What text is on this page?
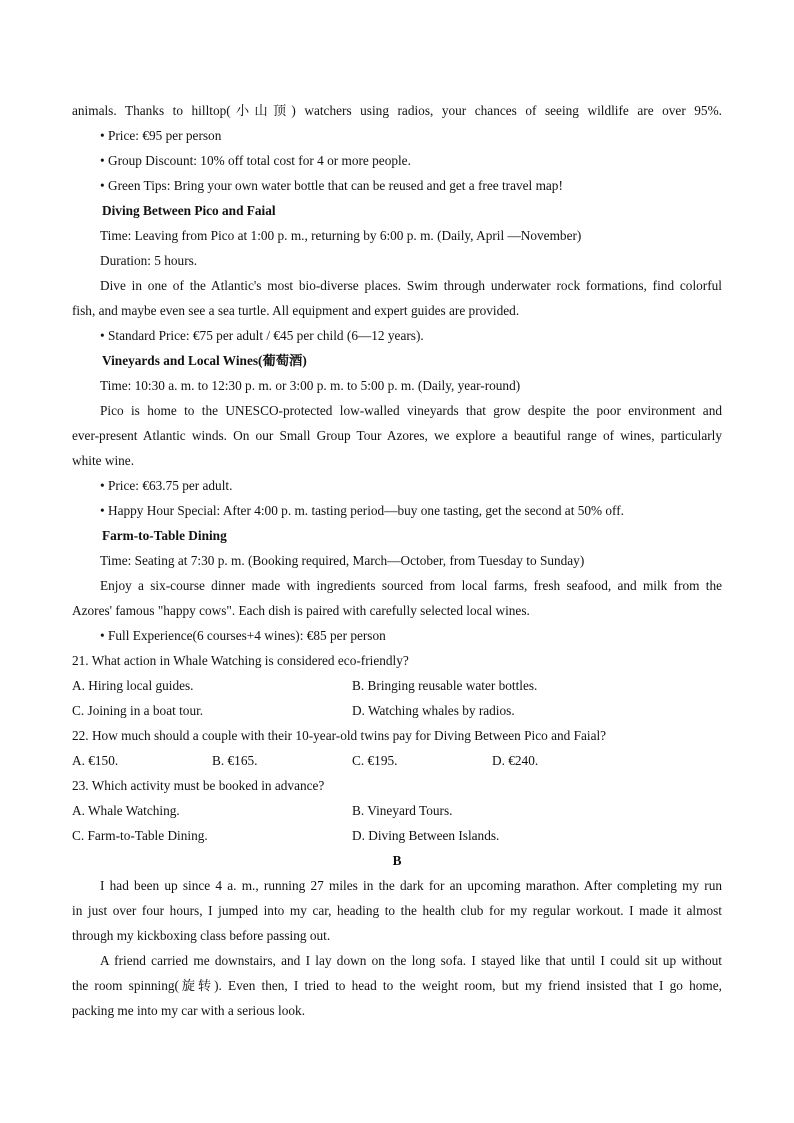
animals. Thanks to hilltop(小山顶) watchers using radios, your chances of seeing wildlife are over 95%.
• Price: €95 per person
• Group Discount: 10% off total cost for 4 or more people.
• Green Tips: Bring your own water bottle that can be reused and get a free travel map!
Diving Between Pico and Faial
Time: Leaving from Pico at 1:00 p. m., returning by 6:00 p. m. (Daily, April —November)
Duration: 5 hours.
Dive in one of the Atlantic's most bio-diverse places. Swim through underwater rock formations, find colorful
fish, and maybe even see a sea turtle. All equipment and expert guides are provided.
• Standard Price: €75 per adult / €45 per child (6—12 years).
Vineyards and Local Wines(葡萄酒)
Time: 10:30 a. m. to 12:30 p. m. or 3:00 p. m. to 5:00 p. m. (Daily, year-round)
Pico is home to the UNESCO-protected low-walled vineyards that grow despite the poor environment and
ever-present Atlantic winds. On our Small Group Tour Azores, we explore a beautiful range of wines, particularly
white wine.
• Price: €63.75 per adult.
• Happy Hour Special: After 4:00 p. m. tasting period—buy one tasting, get the second at 50% off.
Farm-to-Table Dining
Time: Seating at 7:30 p. m. (Booking required, March—October, from Tuesday to Sunday)
Enjoy a six-course dinner made with ingredients sourced from local farms, fresh seafood, and milk from the
Azores' famous "happy cows". Each dish is paired with carefully selected local wines.
• Full Experience(6 courses+4 wines): €85 per person
21. What action in Whale Watching is considered eco-friendly?
A. Hiring local guides.	B. Bringing reusable water bottles.
C. Joining in a boat tour.	D. Watching whales by radios.
22. How much should a couple with their 10-year-old twins pay for Diving Between Pico and Faial?
A. €150.	B. €165.	C. €195.	D. €240.
23. Which activity must be booked in advance?
A. Whale Watching.	B. Vineyard Tours.
C. Farm-to-Table Dining.	D. Diving Between Islands.
B
I had been up since 4 a. m., running 27 miles in the dark for an upcoming marathon. After completing my run
in just over four hours, I jumped into my car, heading to the health club for my regular workout. I made it almost
through my kickboxing class before passing out.
A friend carried me downstairs, and I lay down on the long sofa. I stayed like that until I could sit up without
the room spinning(旋转). Even then, I tried to head to the weight room, but my friend insisted that I go home,
packing me into my car with a serious look.
